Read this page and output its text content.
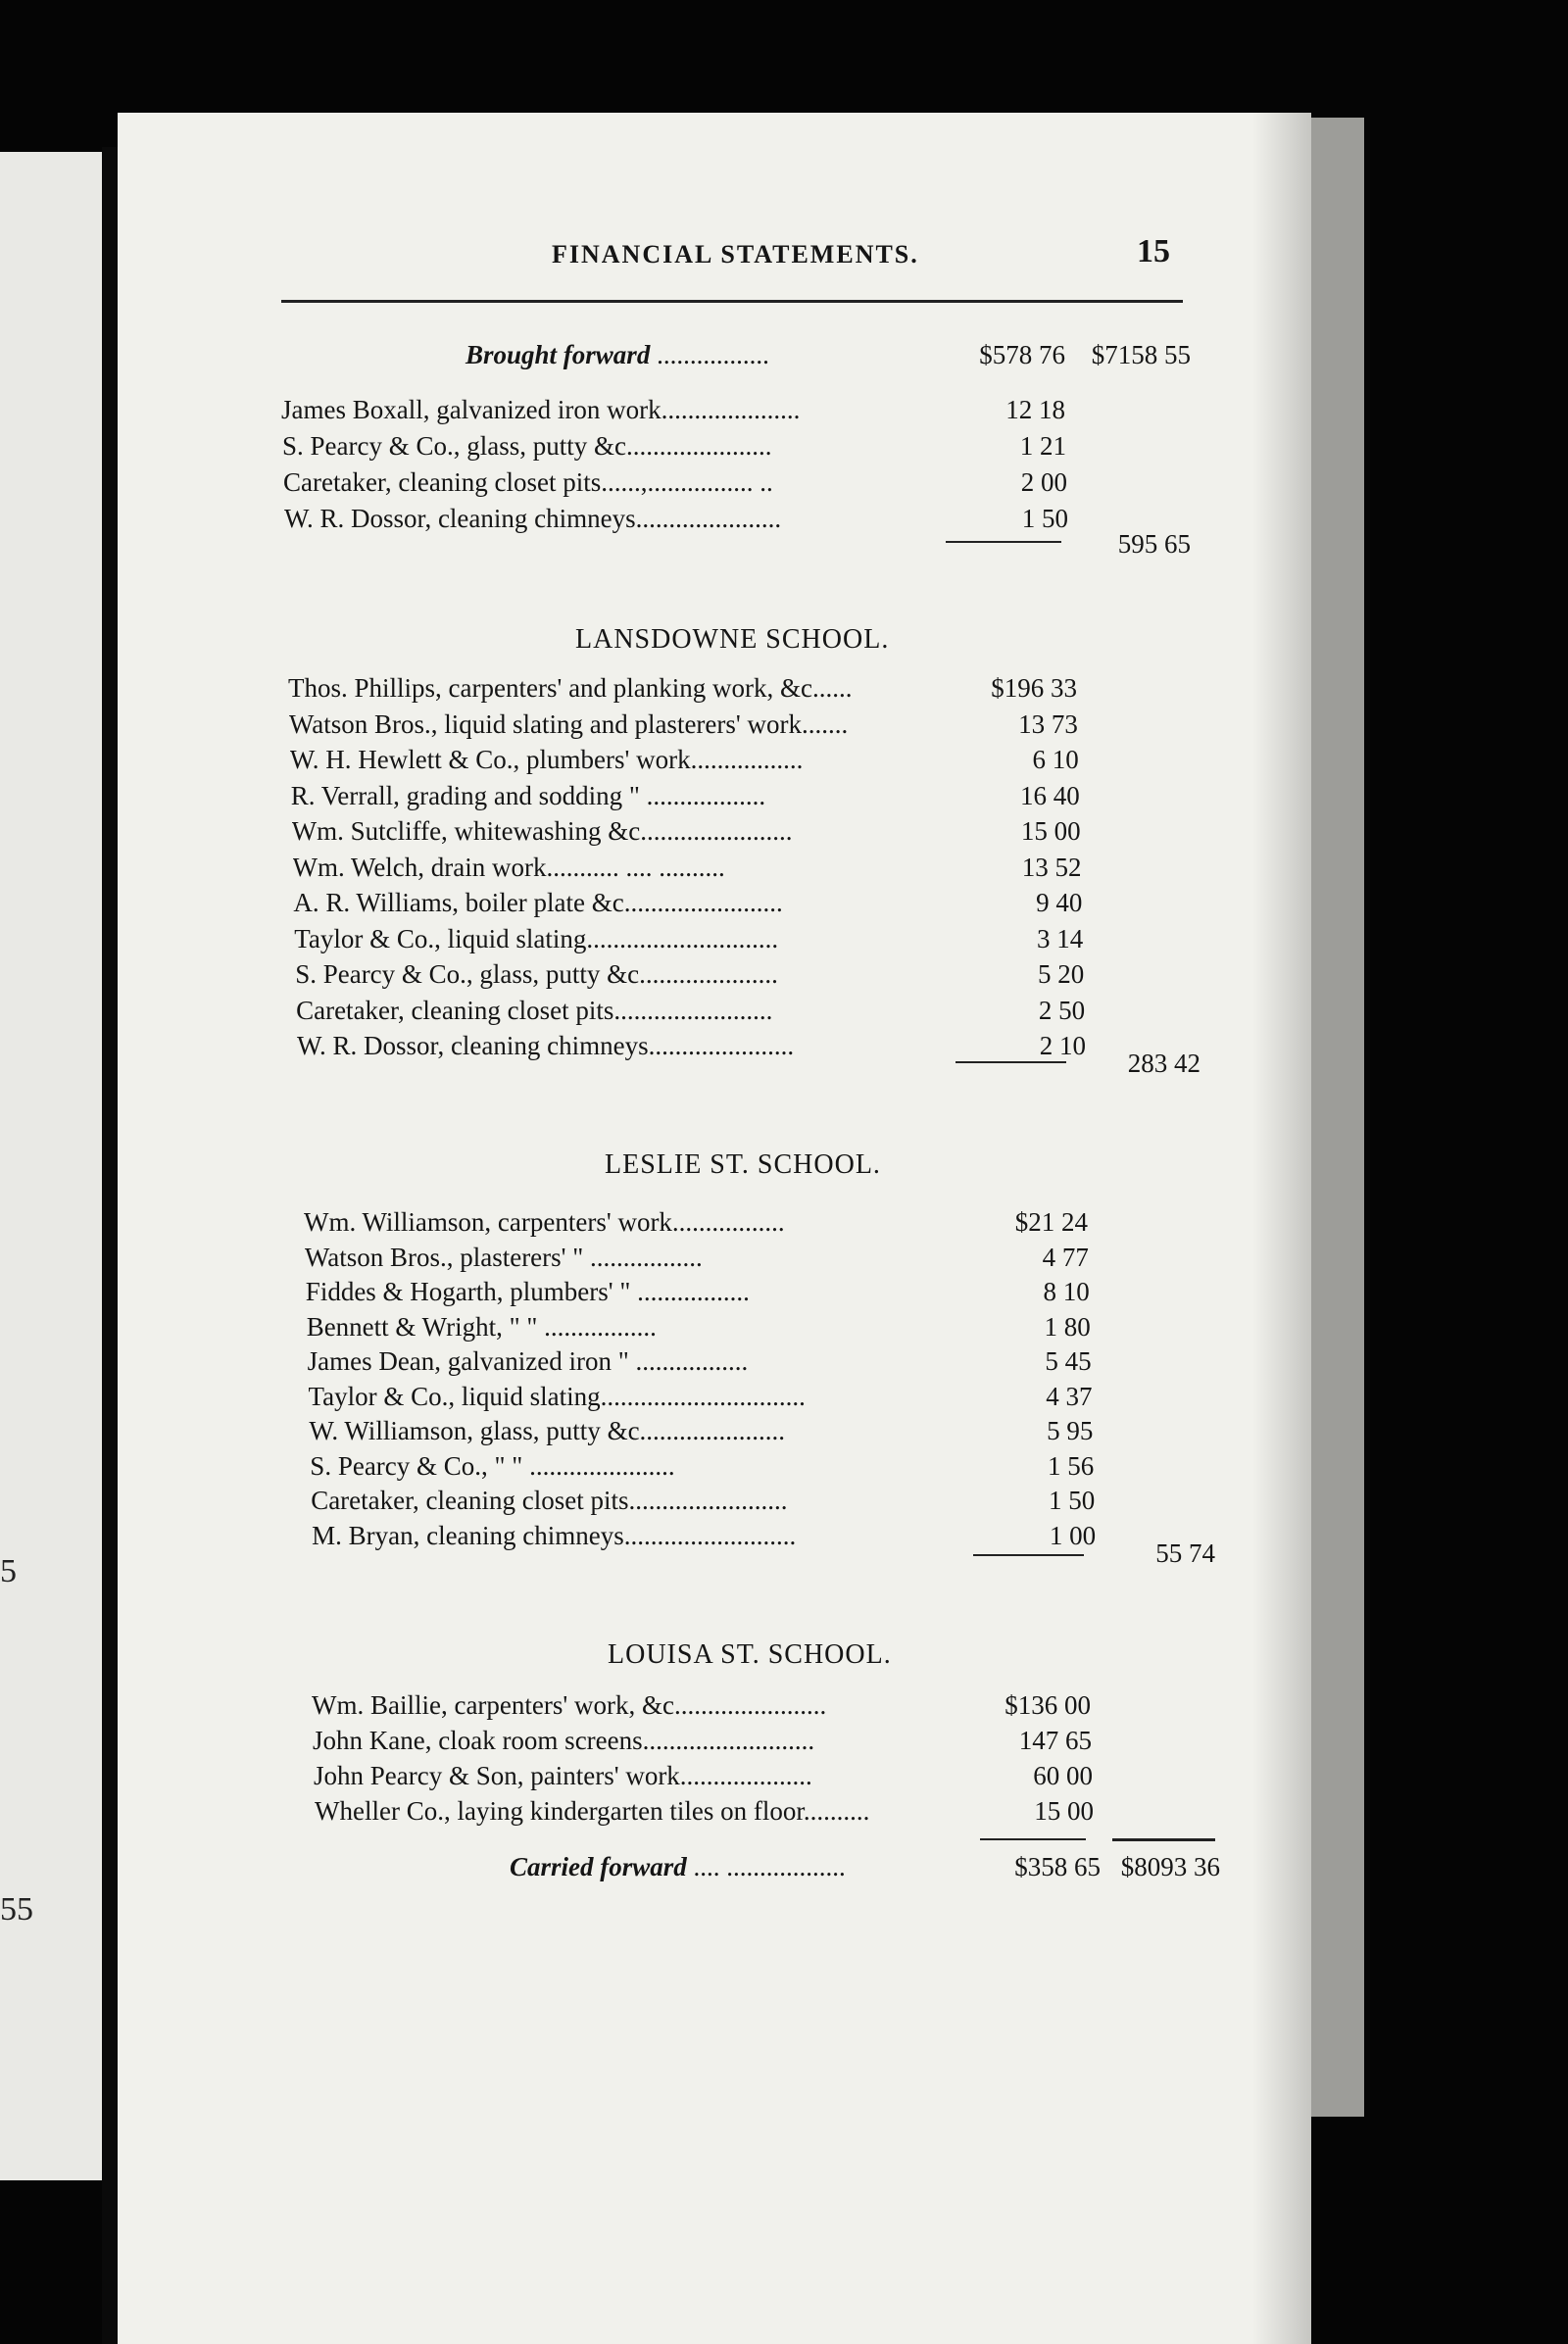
5
55
FINANCIAL STATEMENTS.	15
Brought forward .................	$578 76 $7158 55
James Boxall, galvanized iron work.....................	12 18
S. Pearcy & Co., glass, putty &c......................	1 21
Caretaker, cleaning closet pits......,................ ..	2 00
W. R. Dossor, cleaning chimneys......................	1 50
595 65
LANSDOWNE SCHOOL.
Thos. Phillips, carpenters' and planking work, &c......	$196 33
Watson Bros., liquid slating and plasterers' work.......	13 73
W. H. Hewlett & Co., plumbers' work.................	6 10
R. Verrall, grading and sodding " ..................	16 40
Wm. Sutcliffe, whitewashing &c.......................	15 00
Wm. Welch, drain work........... .... ..........	13 52
A. R. Williams, boiler plate &c........................	9 40
Taylor & Co., liquid slating.............................	3 14
S. Pearcy & Co., glass, putty &c.....................	5 20
Caretaker, cleaning closet pits........................	2 50
W. R. Dossor, cleaning chimneys......................	2 10
283 42
LESLIE ST. SCHOOL.
Wm. Williamson, carpenters' work.................	$21 24
Watson Bros., plasterers' " .................	4 77
Fiddes & Hogarth, plumbers' " .................	8 10
Bennett & Wright, " " .................	1 80
James Dean, galvanized iron " .................	5 45
Taylor & Co., liquid slating...............................	4 37
W. Williamson, glass, putty &c......................	5 95
S. Pearcy & Co., " " ......................	1 56
Caretaker, cleaning closet pits........................	1 50
M. Bryan, cleaning chimneys..........................	1 00
55 74
LOUISA ST. SCHOOL.
Wm. Baillie, carpenters' work, &c.......................	$136 00
John Kane, cloak room screens..........................	147 65
John Pearcy & Son, painters' work....................	60 00
Wheller Co., laying kindergarten tiles on floor..........	15 00
Carried forward .... ..................	$358 65 $8093 36
